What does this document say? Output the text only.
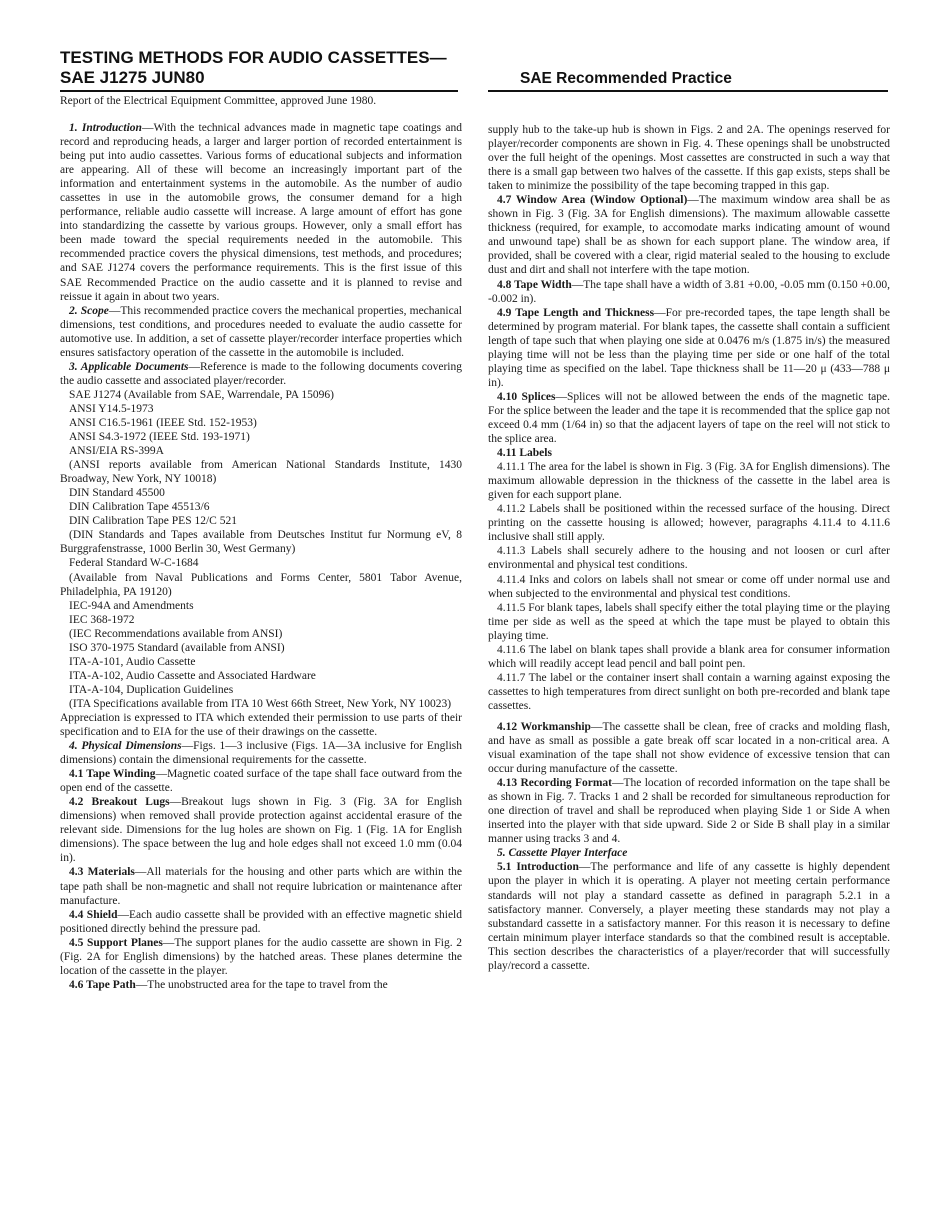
TESTING METHODS FOR AUDIO CASSETTES—
SAE J1275 JUN80	SAE Recommended Practice
Report of the Electrical Equipment Committee, approved June 1980.

1. Introduction—With the technical advances made in magnetic tape coatings and record and reproducing heads, a larger and larger portion of recorded entertainment is being put into audio cassettes. Various forms of educational subjects and information are appearing. All of these will become an increasingly important part of the information and entertainment systems in the automobile. As the number of audio cassettes in use in the automobile grows, the consumer demand for a high performance, reliable audio cassette will increase. A large amount of effort has gone into standardizing the cassette by various groups. However, only a small effort has been made toward the special requirements needed in the automobile. This recommended practice covers the physical dimensions, test methods, and procedures; and SAE J1274 covers the performance requirements. This is the first issue of this SAE Recommended Practice on the audio cassette and it is planned to revise and reissue it again in about two years.

2. Scope—This recommended practice covers the mechanical properties, mechanical dimensions, test conditions, and procedures needed to evaluate the audio cassette for automotive use. In addition, a set of cassette player/recorder interface properties which ensures satisfactory operation of the cassette in the automobile is included.

3. Applicable Documents—Reference is made to the following documents covering the audio cassette and associated player/recorder.

SAE J1274 (Available from SAE, Warrendale, PA 15096)

ANSI Y14.5-1973

ANSI C16.5-1961 (IEEE Std. 152-1953)

ANSI S4.3-1972 (IEEE Std. 193-1971)

ANSI/EIA RS-399A

(ANSI reports available from American National Standards Institute, 1430 Broadway, New York, NY 10018)

DIN Standard 45500

DIN Calibration Tape 45513/6

DIN Calibration Tape PES 12/C 521

(DIN Standards and Tapes available from Deutsches Institut fur Normung eV, 8 Burggrafenstrasse, 1000 Berlin 30, West Germany)

Federal Standard W-C-1684

(Available from Naval Publications and Forms Center, 5801 Tabor Avenue, Philadelphia, PA 19120)

IEC-94A and Amendments

IEC 368-1972

(IEC Recommendations available from ANSI)

ISO 370-1975 Standard (available from ANSI)

ITA-A-101, Audio Cassette

ITA-A-102, Audio Cassette and Associated Hardware

ITA-A-104, Duplication Guidelines

(ITA Specifications available from ITA 10 West 66th Street, New York, NY 10023)

Appreciation is expressed to ITA which extended their permission to use parts of their specification and to EIA for the use of their drawings on the cassette.

4. Physical Dimensions—Figs. 1—3 inclusive (Figs. 1A—3A inclusive for English dimensions) contain the dimensional requirements for the cassette.

4.1 Tape Winding—Magnetic coated surface of the tape shall face outward from the open end of the cassette.

4.2 Breakout Lugs—Breakout lugs shown in Fig. 3 (Fig. 3A for English dimensions) when removed shall provide protection against accidental erasure of the relevant side. Dimensions for the lug holes are shown on Fig. 1 (Fig. 1A for English dimensions). The space between the lug and hole edges shall not exceed 1.0 mm (0.04 in).

4.3 Materials—All materials for the housing and other parts which are within the tape path shall be non-magnetic and shall not require lubrication or maintenance after manufacture.

4.4 Shield—Each audio cassette shall be provided with an effective magnetic shield positioned directly behind the pressure pad.

4.5 Support Planes—The support planes for the audio cassette are shown in Fig. 2 (Fig. 2A for English dimensions) by the hatched areas. These planes determine the location of the cassette in the player.

4.6 Tape Path—The unobstructed area for the tape to travel from the

supply hub to the take-up hub is shown in Figs. 2 and 2A. The openings reserved for player/recorder components are shown in Fig. 4. These openings shall be unobstructed over the full height of the openings. Most cassettes are constructed in such a way that there is a small gap between two halves of the cassette. If this gap exists, steps shall be taken to minimize the possibility of the tape becoming trapped in this gap.

4.7 Window Area (Window Optional)—The maximum window area shall be as shown in Fig. 3 (Fig. 3A for English dimensions). The maximum allowable cassette thickness (required, for example, to accomodate marks indicating amount of wound and unwound tape) shall be as shown for each support plane. The window area, if provided, shall be covered with a clear, rigid material sealed to the housing to exclude dust and dirt and shall not interfere with the tape motion.

4.8 Tape Width—The tape shall have a width of 3.81 +0.00, -0.05 mm (0.150 +0.00, -0.002 in).

4.9 Tape Length and Thickness—For pre-recorded tapes, the tape length shall be determined by program material. For blank tapes, the cassette shall contain a sufficient length of tape such that when playing one side at 0.0476 m/s (1.875 in/s) the measured playing time will not be less than the playing time per side or one half of the total playing time as specified on the label. Tape thickness shall be 11—20 μ (433—788 μ in).

4.10 Splices—Splices will not be allowed between the ends of the magnetic tape. For the splice between the leader and the tape it is recommended that the splice gap not exceed 0.4 mm (1/64 in) so that the adjacent layers of tape on the reel will not stick to the splice area.

4.11 Labels

4.11.1 The area for the label is shown in Fig. 3 (Fig. 3A for English dimensions). The maximum allowable depression in the thickness of the cassette in the label area is given for each support plane.

4.11.2 Labels shall be positioned within the recessed surface of the housing. Direct printing on the cassette housing is allowed; however, paragraphs 4.11.4 to 4.11.6 inclusive shall still apply.

4.11.3 Labels shall securely adhere to the housing and not loosen or curl after environmental and physical test conditions.

4.11.4 Inks and colors on labels shall not smear or come off under normal use and when subjected to the environmental and physical test conditions.

4.11.5 For blank tapes, labels shall specify either the total playing time or the playing time per side as well as the speed at which the tape must be played to obtain this playing time.

4.11.6 The label on blank tapes shall provide a blank area for consumer information which will readily accept lead pencil and ball point pen.

4.11.7 The label or the container insert shall contain a warning against exposing the cassettes to high temperatures from direct sunlight on both pre-recorded and blank tape cassettes.

4.12 Workmanship—The cassette shall be clean, free of cracks and molding flash, and have as small as possible a gate break off scar located in a non-critical area. A visual examination of the tape shall not show evidence of excessive tension that can occur during manufacture of the cassette.

4.13 Recording Format—The location of recorded information on the tape shall be as shown in Fig. 7. Tracks 1 and 2 shall be recorded for simultaneous reproduction for one direction of travel and shall be reproduced when playing Side 1 or Side A when inserted into the player with that side upward. Side 2 or Side B shall play in a similar manner using tracks 3 and 4.

5. Cassette Player Interface

5.1 Introduction—The performance and life of any cassette is highly dependent upon the player in which it is operating. A player not meeting certain performance standards will not play a standard cassette as defined in paragraph 5.2.1 in a satisfactory manner. Conversely, a player meeting these standards may not play a substandard cassette in a satisfactory manner. For this reason it is necessary to define certain minimum player interface standards so that the combined result is acceptable. This section describes the characteristics of a player/recorder that will successfully play/record a cassette.
